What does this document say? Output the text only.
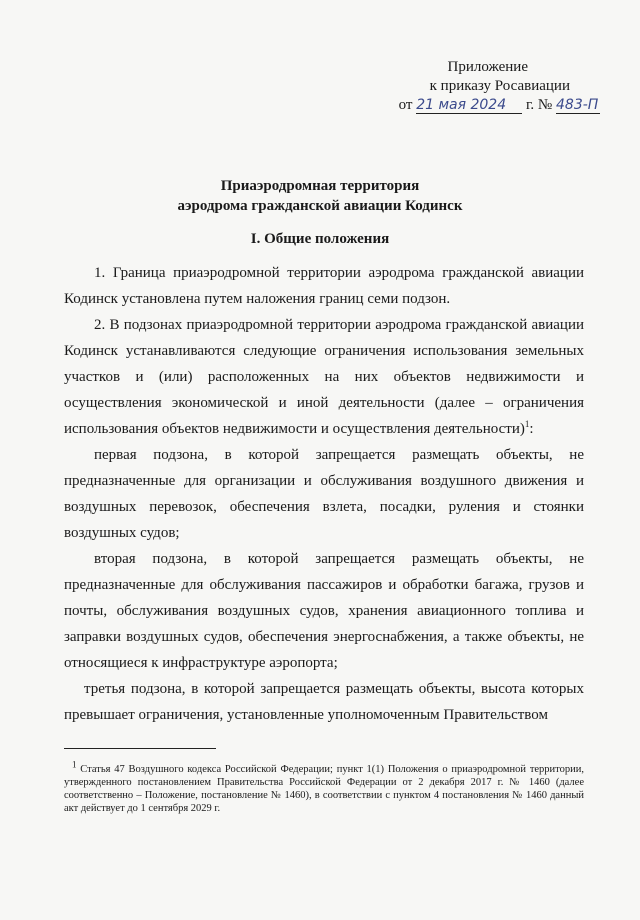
Приложение
к приказу Росавиации
от 21 мая 2024 г. № 483-П
Приаэродромная территория
аэродрома гражданской авиации Кодинск
I. Общие положения

1. Граница приаэродромной территории аэродрома гражданской авиации Кодинск установлена путем наложения границ семи подзон.

2. В подзонах приаэродромной территории аэродрома гражданской авиации Кодинск устанавливаются следующие ограничения использования земельных участков и (или) расположенных на них объектов недвижимости и осуществления экономической и иной деятельности (далее – ограничения использования объектов недвижимости и осуществления деятельности)$^1$:

первая подзона, в которой запрещается размещать объекты, не предназначенные для организации и обслуживания воздушного движения и воздушных перевозок, обеспечения взлета, посадки, руления и стоянки воздушных судов;

вторая подзона, в которой запрещается размещать объекты, не предназначенные для обслуживания пассажиров и обработки багажа, грузов и почты, обслуживания воздушных судов, хранения авиационного топлива и заправки воздушных судов, обеспечения энергоснабжения, а также объекты, не относящиеся к инфраструктуре аэропорта;

третья подзона, в которой запрещается размещать объекты, высота которых превышает ограничения, установленные уполномоченным Правительством

$^1$ Статья 47 Воздушного кодекса Российской Федерации; пункт 1(1) Положения о приаэродромной территории, утвержденного постановлением Правительства Российской Федерации от 2 декабря 2017 г. № 1460 (далее соответственно – Положение, постановление № 1460), в соответствии с пунктом 4 постановления № 1460 данный акт действует до 1 сентября 2029 г.
